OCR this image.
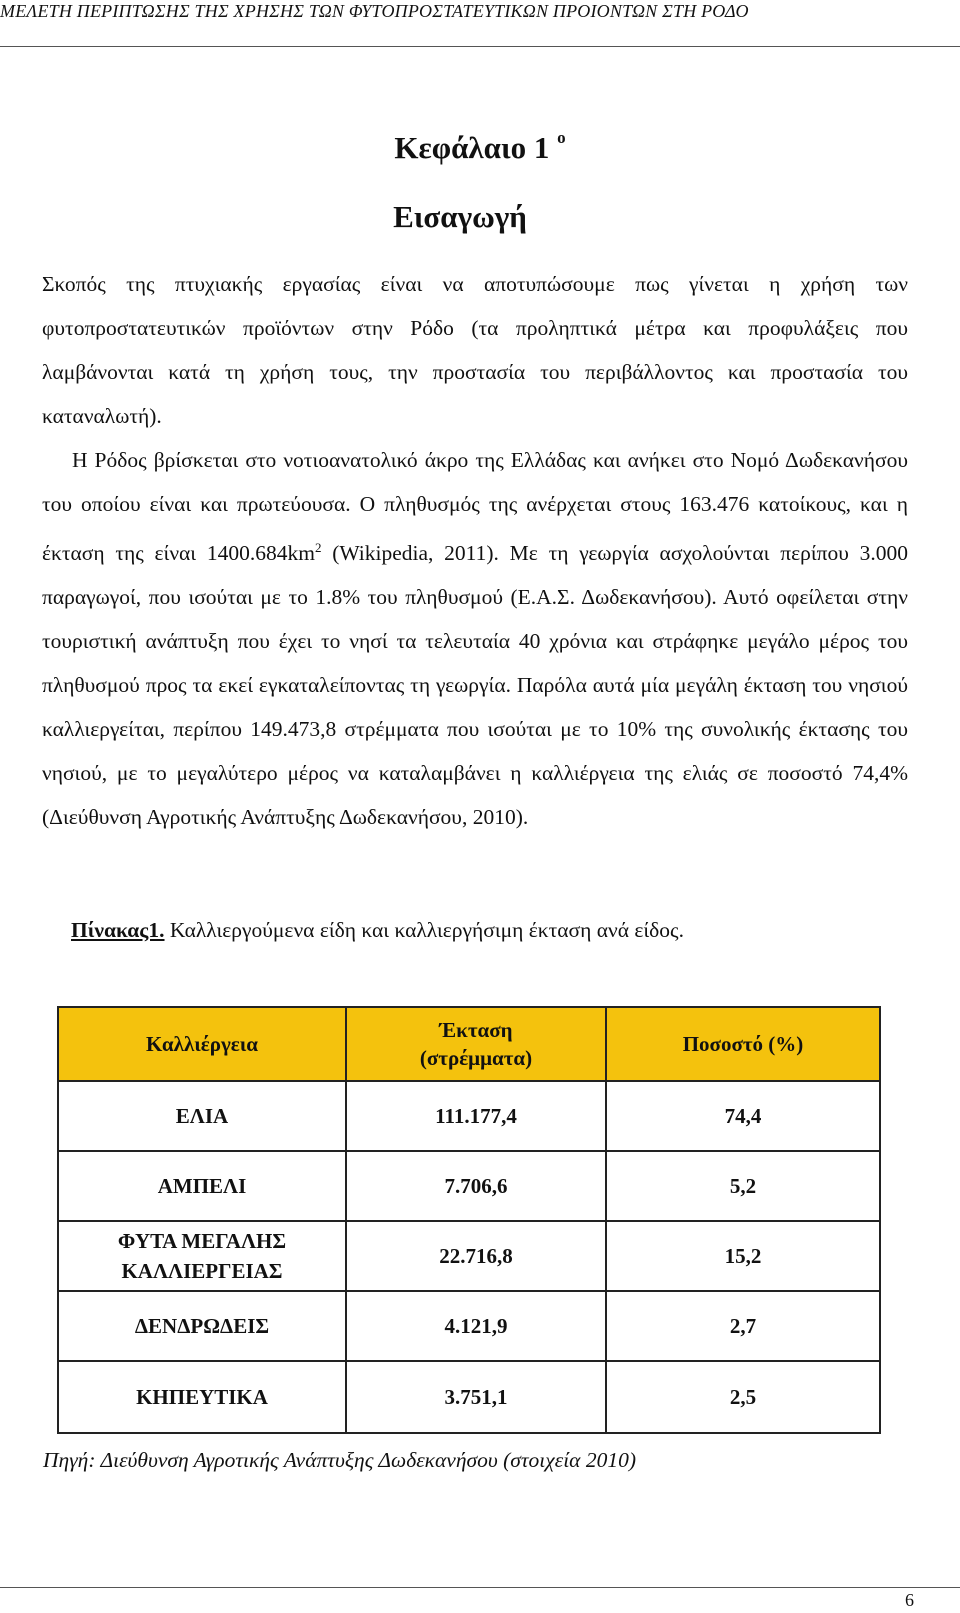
ΜΕΛΕΤΗ ΠΕΡΙΠΤΩΣΗΣ ΤΗΣ ΧΡΗΣΗΣ ΤΩΝ ΦΥΤΟΠΡΟΣΤΑΤΕΥΤΙΚΩΝ ΠΡΟΙΟΝΤΩΝ ΣΤΗ ΡΟΔΟ
Κεφάλαιο 1 $^o$
Εισαγωγή

Σκοπός της πτυχιακής εργασίας είναι να αποτυπώσουμε πως γίνεται η χρήση των φυτοπροστατευτικών προϊόντων στην Ρόδο (τα προληπτικά μέτρα και προφυλάξεις που λαμβάνονται κατά τη χρήση τους, την προστασία του περιβάλλοντος και προστασία του καταναλωτή).

Η Ρόδος βρίσκεται στο νοτιοανατολικό άκρο της Ελλάδας και ανήκει στο Νομό Δωδεκανήσου του οποίου είναι και πρωτεύουσα. Ο πληθυσμός της ανέρχεται στους 163.476 κατοίκους, και η έκταση της είναι $1400.684km^2$ (Wikipedia, 2011). Με τη γεωργία ασχολούνται περίπου 3.000 παραγωγοί, που ισούται με το 1.8% του πληθυσμού (Ε.Α.Σ. Δωδεκανήσου). Αυτό οφείλεται στην τουριστική ανάπτυξη που έχει το νησί τα τελευταία 40 χρόνια και στράφηκε μεγάλο μέρος του πληθυσμού προς τα εκεί εγκαταλείποντας τη γεωργία. Παρόλα αυτά μία μεγάλη έκταση του νησιού καλλιεργείται, περίπου 149.473,8 στρέμματα που ισούται με το 10% της συνολικής έκτασης του νησιού, με το μεγαλύτερο μέρος να καταλαμβάνει η καλλιέργεια της ελιάς σε ποσοστό 74,4% (Διεύθυνση Αγροτικής Ανάπτυξης Δωδεκανήσου, 2010).

Πίνακας1. Καλλιεργούμενα είδη και καλλιεργήσιμη έκταση ανά είδος.
Καλλιέργεια	Έκταση (στρέμματα)	Ποσοστό (%)
ΕΛΙΑ	111.177,4	74,4
ΑΜΠΕΛΙ	7.706,6	5,2
ΦΥΤΑ ΜΕΓΑΛΗΣ ΚΑΛΛΙΕΡΓΕΙΑΣ	22.716,8	15,2
ΔΕΝΔΡΩΔΕΙΣ	4.121,9	2,7
ΚΗΠΕΥΤΙΚΑ	3.751,1	2,5
Πηγή: Διεύθυνση Αγροτικής Ανάπτυξης Δωδεκανήσου (στοιχεία 2010)
6
